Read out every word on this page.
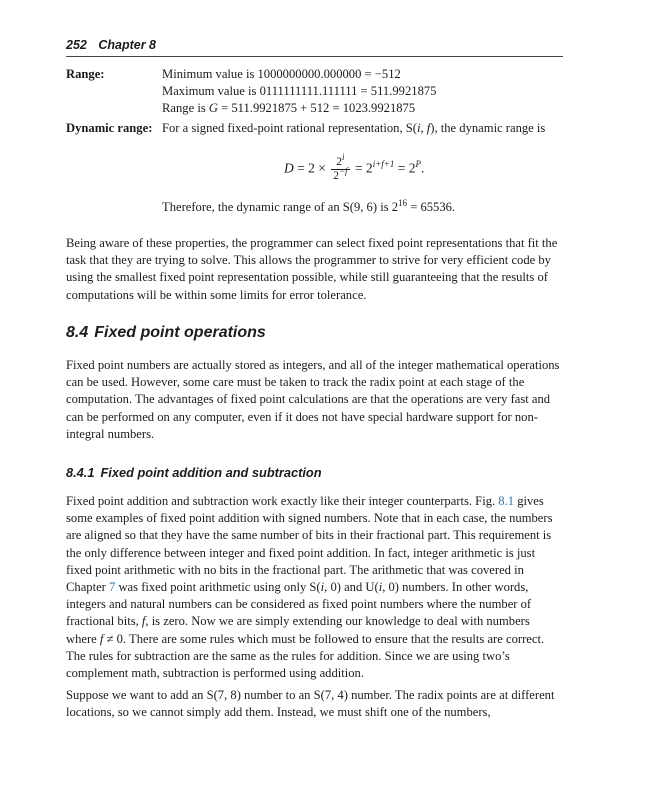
252 Chapter 8
Range:	Minimum value is 1000000000.000000 = −512
Maximum value is 0111111111.111111 = 511.9921875
Range is G = 511.9921875 + 512 = 1023.9921875
Dynamic range: For a signed fixed-point rational representation, S(i, f), the dynamic range is
$D = 2 \times \frac{2^i}{2^{-f}} = 2^{i+f+1} = 2^P$.
Therefore, the dynamic range of an S(9, 6) is $2^{16} = 65536$.
Being aware of these properties, the programmer can select fixed point representations that fit the task that they are trying to solve. This allows the programmer to strive for very efficient code by using the smallest fixed point representation possible, while still guaranteeing that the results of computations will be within some limits for error tolerance.
8.4 Fixed point operations
Fixed point numbers are actually stored as integers, and all of the integer mathematical operations can be used. However, some care must be taken to track the radix point at each stage of the computation. The advantages of fixed point calculations are that the operations are very fast and can be performed on any computer, even if it does not have special hardware support for non-integral numbers.
8.4.1 Fixed point addition and subtraction
Fixed point addition and subtraction work exactly like their integer counterparts. Fig. 8.1 gives some examples of fixed point addition with signed numbers. Note that in each case, the numbers are aligned so that they have the same number of bits in their fractional part. This requirement is the only difference between integer and fixed point addition. In fact, integer arithmetic is just fixed point arithmetic with no bits in the fractional part. The arithmetic that was covered in Chapter 7 was fixed point arithmetic using only S(i, 0) and U(i, 0) numbers. In other words, integers and natural numbers can be considered as fixed point numbers where the number of fractional bits, f, is zero. Now we are simply extending our knowledge to deal with numbers where f ≠ 0. There are some rules which must be followed to ensure that the results are correct. The rules for subtraction are the same as the rules for addition. Since we are using two’s complement math, subtraction is performed using addition.
Suppose we want to add an S(7, 8) number to an S(7, 4) number. The radix points are at different locations, so we cannot simply add them. Instead, we must shift one of the numbers,
